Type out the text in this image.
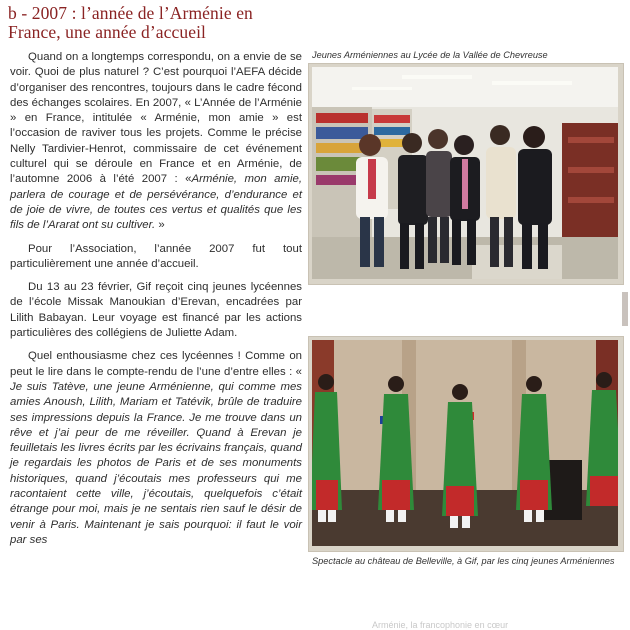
b - 2007 : l’année de l’Arménie en
France, une année d’accueil

Quand on a longtemps correspondu, on a envie de se voir. Quoi de plus naturel ? C’est pourquoi l’AEFA décide d’organiser des rencontres, toujours dans le cadre fécond des échanges scolaires. En 2007, « L’Année de l’Arménie » en France, intitulée « Arménie, mon amie » est l’occasion de raviver tous les projets. Comme le précise Nelly Tardivier-Henrot, commissaire de cet événement culturel qui se déroule en France et en Arménie, de l’automne 2006 à l’été 2007 : «Arménie, mon amie, parlera de courage et de persévérance, d’endurance et de joie de vivre, de toutes ces vertus et qualités que les fils de l’Ararat ont su cultiver. »

Pour l’Association, l’année 2007 fut tout particulièrement une année d’accueil.

Du 13 au 23 février, Gif reçoit cinq jeunes lycéennes de l’école Missak Manoukian d’Erevan, encadrées par Lilith Babayan. Leur voyage est financé par les actions particulières des collégiens de Juliette Adam.

Quel enthousiasme chez ces lycéennes ! Comme on peut le lire dans le compte-rendu de l’une d’entre elles : « Je suis Tatève, une jeune Arménienne, qui comme mes amies Anoush, Lilith, Mariam et Tatévik, brûle de traduire ses impressions depuis la France. Je me trouve dans un rêve et j’ai peur de me réveiller. Quand à Erevan je feuilletais les livres écrits par les écrivains français, quand je regardais les photos de Paris et de ses monuments historiques, quand j’écoutais mes professeurs qui me racontaient cette ville, j’écoutais, quelquefois c’était étrange pour moi, mais je ne sentais rien sauf le désir de venir à Paris. Maintenant je sais pourquoi: il faut le voir par ses

Jeunes Arméniennes au Lycée de la Vallée de Chevreuse
Spectacle au château de Belleville, à Gif, par les cinq jeunes Arméniennes
Arménie, la francophonie en cœur
